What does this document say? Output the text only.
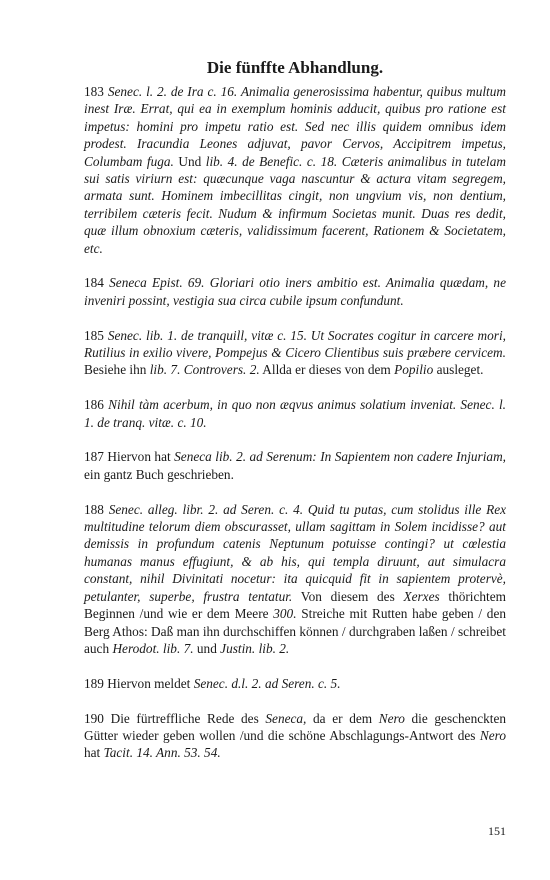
Die fünffte Abhandlung.

183 Senec. l. 2. de Ira c. 16. Animalia generosissima habentur, quibus multum inest Iræ. Errat, qui ea in exemplum hominis adducit, quibus pro ratione est impetus: homini pro impetu ratio est. Sed nec illis quidem omnibus idem prodest. Iracundia Leones adjuvat, pavor Cervos, Accipitrem impetus, Columbam fuga. Und lib. 4. de Benefic. c. 18. Cæteris animalibus in tutelam sui satis viriurn est: quæcunque vaga nascuntur & actura vitam segregem, armata sunt. Hominem imbecillitas cingit, non ungvium vis, non dentium, terribilem cæteris fecit. Nudum & infirmum Societas munit. Duas res dedit, quæ illum obnoxium cæteris, validissimum facerent, Rationem & Societatem, etc.

184 Seneca Epist. 69. Gloriari otio iners ambitio est. Animalia quædam, ne inveniri possint, vestigia sua circa cubile ipsum confundunt.

185 Senec. lib. 1. de tranquill, vitæ c. 15. Ut Socrates cogitur in carcere mori, Rutilius in exilio vivere, Pompejus & Cicero Clientibus suis præbere cervicem. Besiehe ihn lib. 7. Controvers. 2. Allda er dieses von dem Popilio ausleget.

186 Nihil tàm acerbum, in quo non æqvus animus solatium inveniat. Senec. l. 1. de tranq. vitæ. c. 10.

187 Hiervon hat Seneca lib. 2. ad Serenum: In Sapientem non cadere Injuriam, ein gantz Buch geschrieben.

188 Senec. alleg. libr. 2. ad Seren. c. 4. Quid tu putas, cum stolidus ille Rex multitudine telorum diem obscurasset, ullam sagittam in Solem incidisse? aut demissis in profundum catenis Neptunum potuisse contingi? ut cœlestia humanas manus effugiunt, & ab his, qui templa diruunt, aut simulacra constant, nihil Divinitati nocetur: ita quicquid fit in sapientem protervè, petulanter, superbe, frustra tentatur. Von diesem des Xerxes thörichtem Beginnen /und wie er dem Meere 300. Streiche mit Rutten habe geben / den Berg Athos: Daß man ihn durchschiffen können / durchgraben laßen / schreibet auch Herodot. lib. 7. und Justin. lib. 2.

189 Hiervon meldet Senec. d.l. 2. ad Seren. c. 5.

190 Die fürtreffliche Rede des Seneca, da er dem Nero die geschenckten Gütter wieder geben wollen /und die schöne Abschlagungs-Antwort des Nero hat Tacit. 14. Ann. 53. 54.

151
